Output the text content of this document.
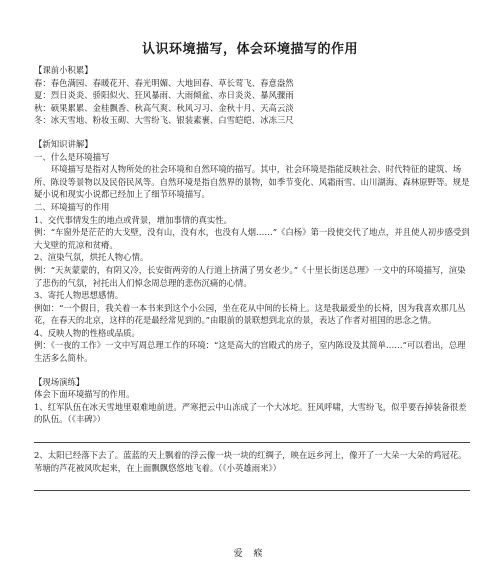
认识环境描写，体会环境描写的作用
【课前小积累】
春：春色满园、春暖花开、春光明媚、大地回春、草长莺飞、春意盎然
夏：烈日炎炎、骄阳似火、狂风暴雨、大雨倾盆、赤日炎炎、暴风骤雨
秋：硕果累累、金桂飘香、秋高气爽、秋风习习、金秋十月、天高云淡
冬：冰天雪地、粉妆玉砌、大雪纷飞、银装素裹、白雪皑皑、冰冻三尺
【新知识讲解】
一、什么是环境描写
环境描写是指对人物所处的社会环境和自然环境的描写。其中，社会环境是指能反映社会、时代特征的建筑、场所、陈设等景物以及民俗民风等。自然环境是指自然界的景物，如季节变化、风霜雨雪、山川湖海、森林原野等。规是疑小说和现实小说都已经加上了细节环境描写。
二、环境描写的作用
1、交代事情发生的地点或背景，增加事情的真实性。
例：“车窗外是茫茫的大戈壁，没有山，没有水，也没有人烟……”《白杨》第一段使交代了地点，并且使人初步感受到大戈壁的荒凉和贫瘠。
2、渲染气氛，烘托人物心情。
例：“天灰蒙蒙的，有阴又冷，长安街两旁的人行道上挤满了男女老少。”《十里长街送总理》一文中的环境描写，渲染了悲伤的气氛，衬托出人们悼念周总理的悲伤沉痛的心情。
3、寄托人物思想感情。
例如：“一个假日，我关着一本书来到这个小公园，坐在花从中间的长椅上。这是我最爱坐的长椅，因为我喜欢那几丛花，在春天的北京，这样的花是最经常见到的。”由眼前的景联想到北京的景，表达了作者对祖国的思念之情。
4、反映人物的性格或品质。
例：《一夜的工作》一文中写周总理工作的环境：“这是高大的宫殿式的房子，室内陈设及其简单……”可以看出，总理生活多么简朴。
【现场演练】
体会下面环境描写的作用。
1、红军队伍在冰天雪地里艰难地前进。严寒把云中山冻成了一个大冰坨。狂风呼啸，大雪纷飞，似乎要吞掉装备很差的队伍。（《丰碑》）
2、太阳已经落下去了。蓝蓝的天上飘着的浮云像一块一块的红绸子，映在远乡河上，像开了一大朵一大朵的鸡冠花。苇塘的芦花被风吹起来，在上面飘飘悠悠地飞着。（《小英雄雨来》）
爱 瘊
